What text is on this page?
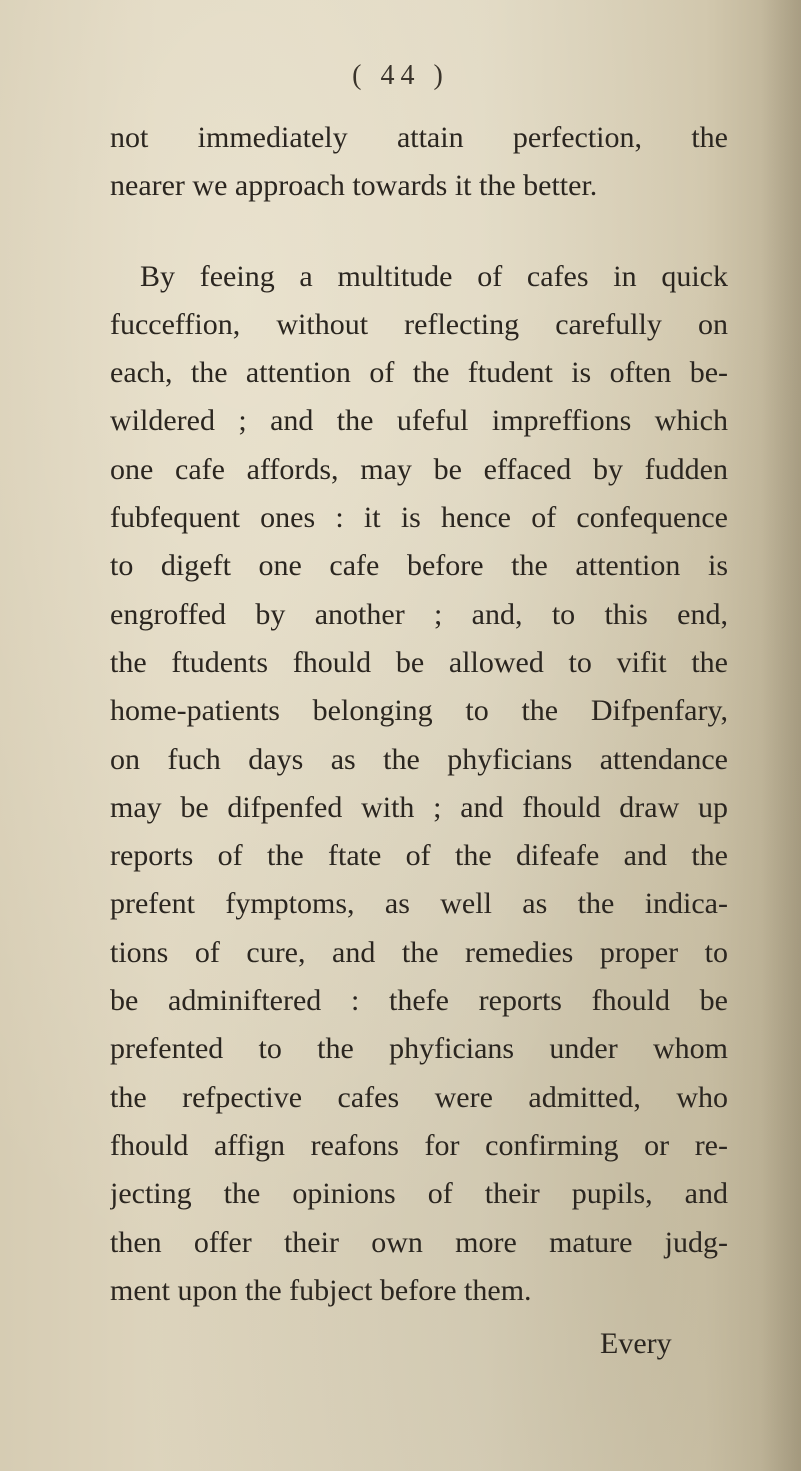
( 44 )
not immediately attain perfection, the
nearer we approach towards it the better.
By feeing a multitude of cafes in quick
fucceffion, without reflecting carefully on
each, the attention of the ftudent is often be-
wildered ; and the ufeful impreffions which
one cafe affords, may be effaced by fudden
fubfequent ones : it is hence of confequence
to digeft one cafe before the attention is
engroffed by another ; and, to this end,
the ftudents fhould be allowed to vifit the
home-patients belonging to the Difpenfary,
on fuch days as the phyficians attendance
may be difpenfed with ; and fhould draw up
reports of the ftate of the difeafe and the
prefent fymptoms, as well as the indica-
tions of cure, and the remedies proper to
be adminiftered : thefe reports fhould be
prefented to the phyficians under whom
the refpective cafes were admitted, who
fhould affign reafons for confirming or re-
jecting the opinions of their pupils, and
then offer their own more mature judg-
ment upon the fubject before them.
Every
